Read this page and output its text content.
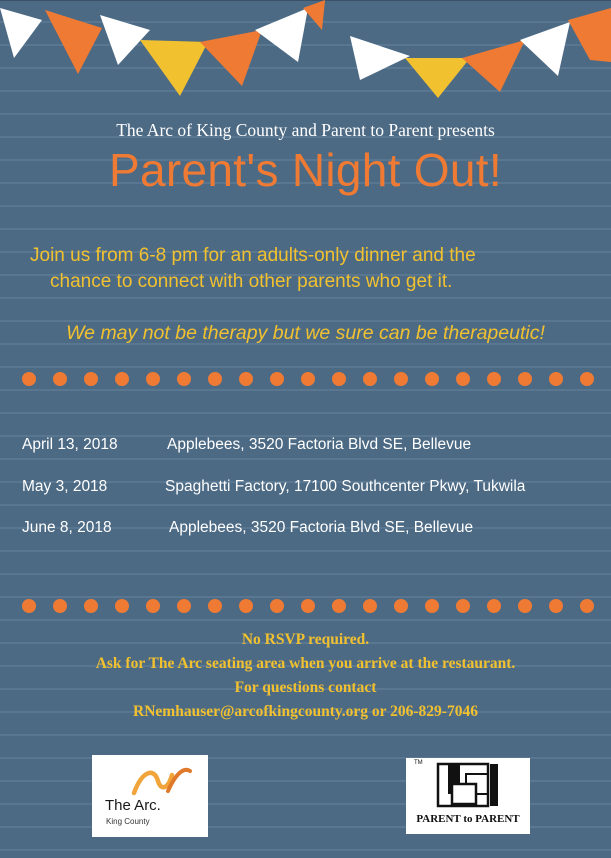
The Arc of King County and Parent to Parent presents
Parent's Night Out!
Join us from 6-8 pm for an adults-only dinner and the
chance to connect with other parents who get it.
We may not be therapy but we sure can be therapeutic!
April 13, 2018	Applebees, 3520 Factoria Blvd SE, Bellevue
May 3, 2018	Spaghetti Factory, 17100 Southcenter Pkwy, Tukwila
June 8, 2018	Applebees, 3520 Factoria Blvd SE, Bellevue
No RSVP required.
Ask for The Arc seating area when you arrive at the restaurant.
For questions contact
RNemhauser@arcofkingcounty.org or 206-829-7046
The Arc.
King County
TM
PARENT to PARENT
